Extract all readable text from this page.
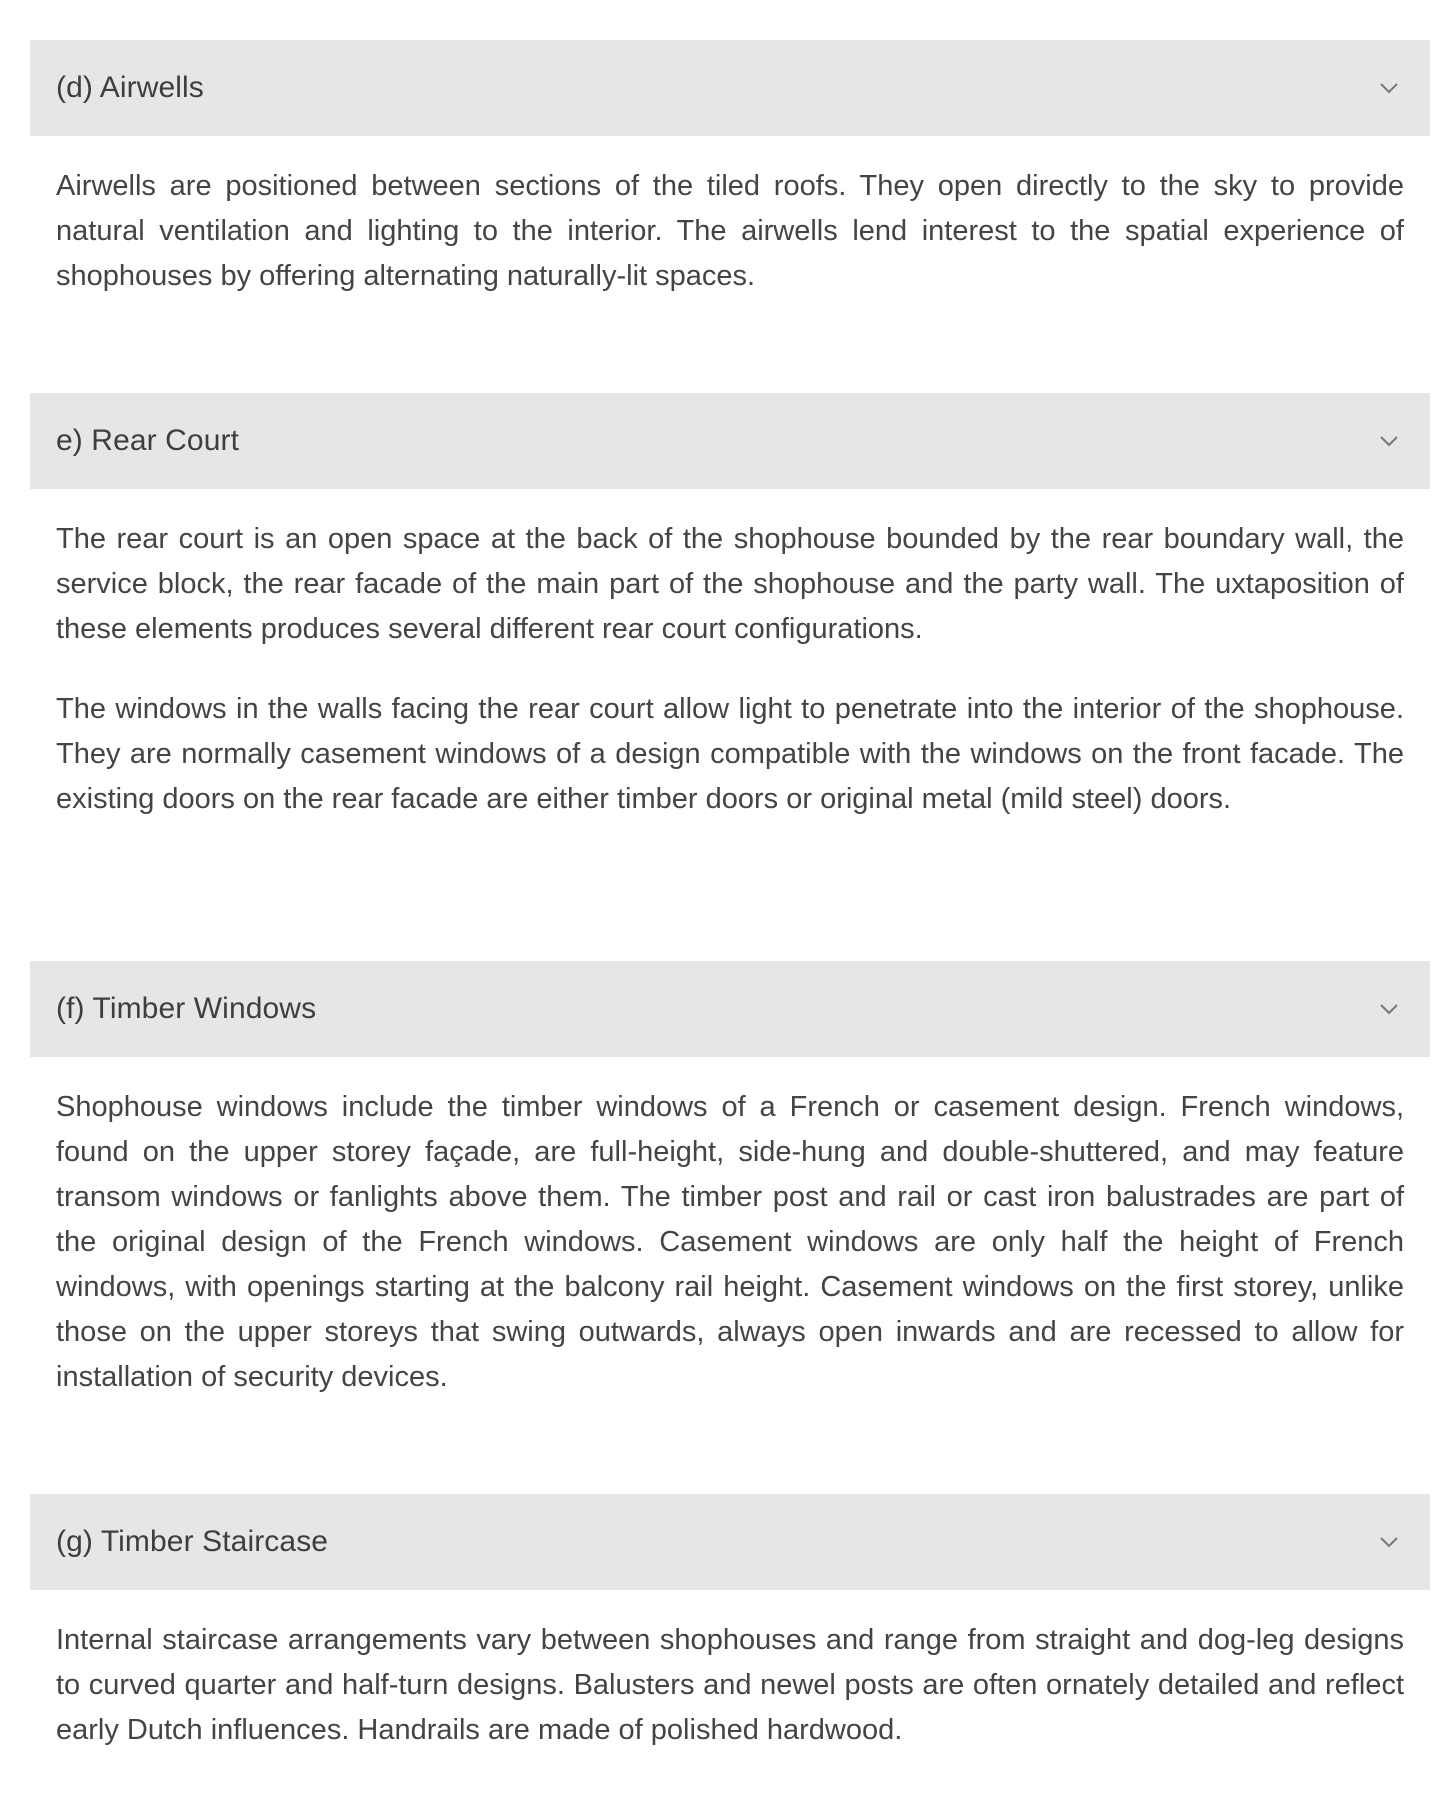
(d) Airwells

Airwells are positioned between sections of the tiled roofs. They open directly to the sky to provide natural ventilation and lighting to the interior. The airwells lend interest to the spatial experience of shophouses by offering alternating naturally-lit spaces.

e) Rear Court

The rear court is an open space at the back of the shophouse bounded by the rear boundary wall, the service block, the rear facade of the main part of the shophouse and the party wall. The uxtaposition of these elements produces several different rear court configurations.

The windows in the walls facing the rear court allow light to penetrate into the interior of the shophouse. They are normally casement windows of a design compatible with the windows on the front facade. The existing doors on the rear facade are either timber doors or original metal (mild steel) doors.

(f) Timber Windows

Shophouse windows include the timber windows of a French or casement design. French windows, found on the upper storey façade, are full-height, side-hung and double-shuttered, and may feature transom windows or fanlights above them. The timber post and rail or cast iron balustrades are part of the original design of the French windows. Casement windows are only half the height of French windows, with openings starting at the balcony rail height. Casement windows on the first storey, unlike those on the upper storeys that swing outwards, always open inwards and are recessed to allow for installation of security devices.

(g) Timber Staircase

Internal staircase arrangements vary between shophouses and range from straight and dog-leg designs to curved quarter and half-turn designs. Balusters and newel posts are often ornately detailed and reflect early Dutch influences. Handrails are made of polished hardwood.
